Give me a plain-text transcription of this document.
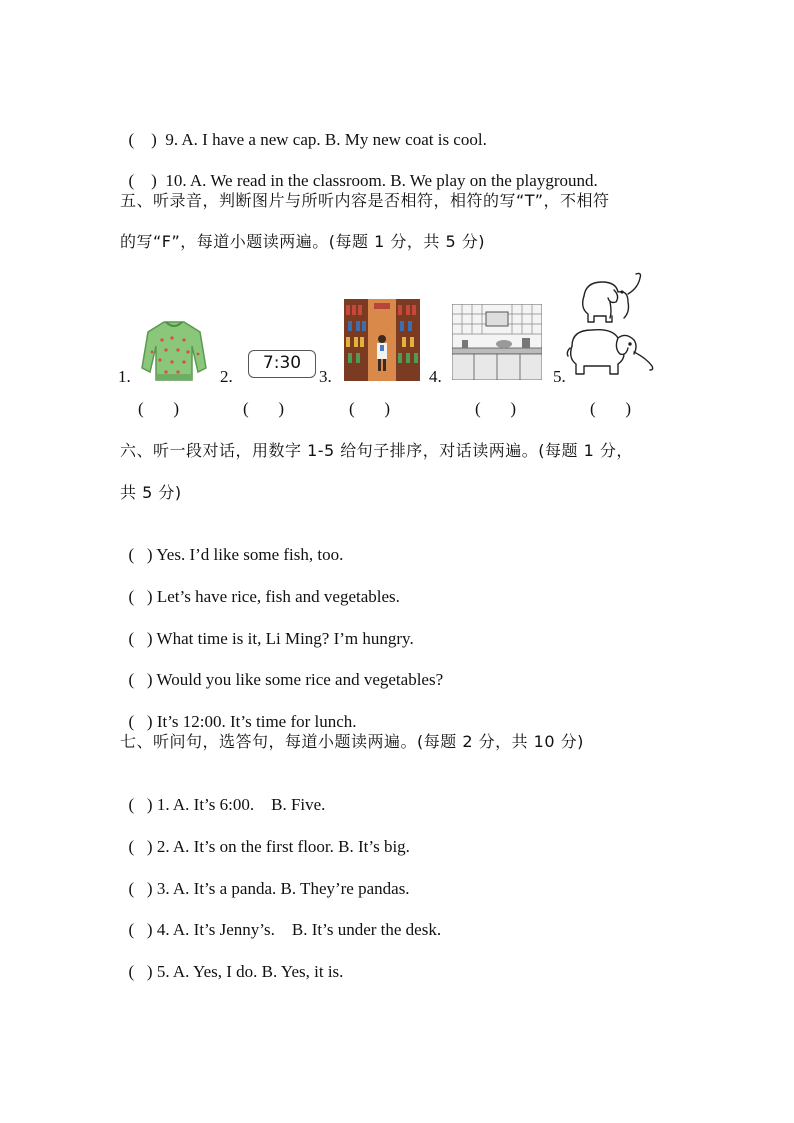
(    ) 9. A. I have a new cap. B. My new coat is cool.

(    ) 10. A. We read in the classroom. B. We play on the playground.

五、听录音，判断图片与所听内容是否相符，相符的写“T”，不相符
的写“F”，每道小题读两遍。(每题 1 分，共 5 分)
1.	2.
7:30
3.	4.	5.
(       )	(       )	(       )	(       )	(       )
六、听一段对话，用数字 1-5 给句子排序，对话读两遍。(每题 1 分，
共 5 分)

(   ) Yes. I’d like some fish, too.

(   ) Let’s have rice, fish and vegetables.

(   ) What time is it, Li Ming? I’m hungry.

(   ) Would you like some rice and vegetables?

(   ) It’s 12:00. It’s time for lunch.

七、听问句，选答句，每道小题读两遍。(每题 2 分，共 10 分)

(   ) 1. A. It’s 6:00.    B. Five.

(   ) 2. A. It’s on the first floor. B. It’s big.

(   ) 3. A. It’s a panda. B. They’re pandas.

(   ) 4. A. It’s Jenny’s.    B. It’s under the desk.

(   ) 5. A. Yes, I do. B. Yes, it is.
